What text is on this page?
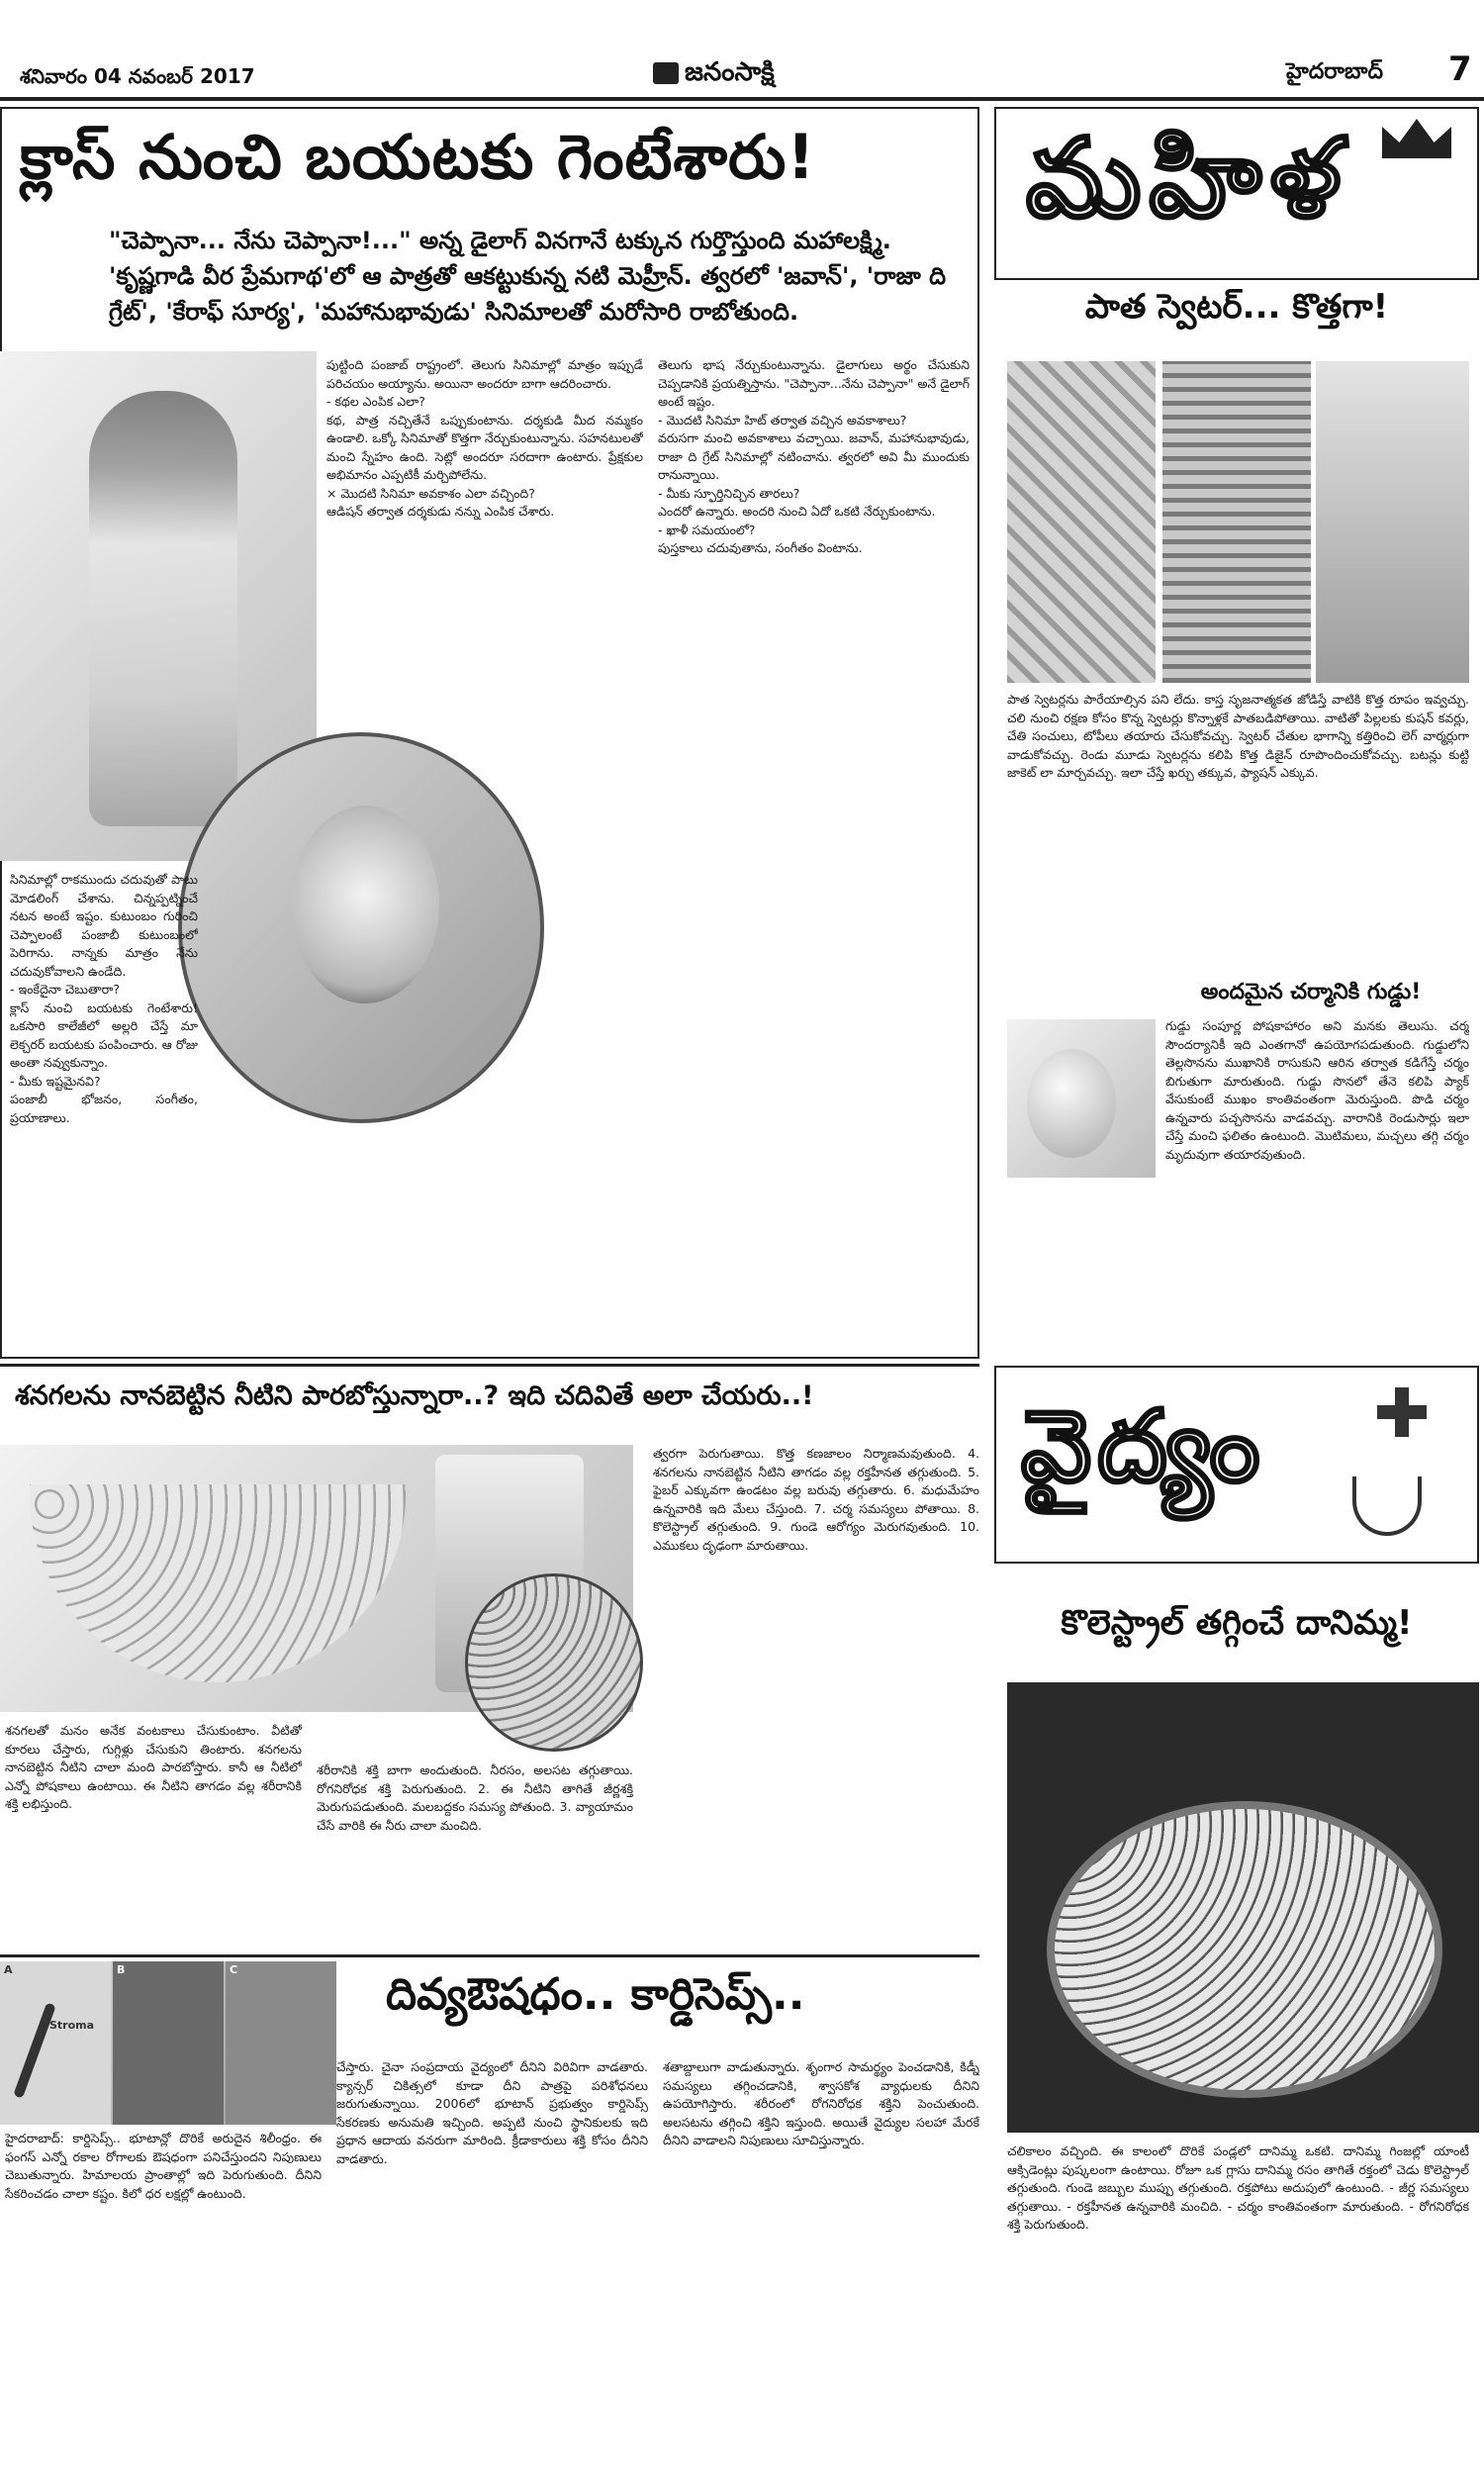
శనివారం 04 నవంబర్ 2017	జనంసాక్షి	హైదరాబాద్ 7
క్లాస్ నుంచి బయటకు గెంటేశారు!
"చెప్పానా... నేను చెప్పానా!..." అన్న డైలాగ్ వినగానే టక్కున గుర్తొస్తుంది మహాలక్ష్మి.
'కృష్ణగాడి వీర ప్రేమగాథ'లో ఆ పాత్రతో ఆకట్టుకున్న నటి మెహ్రీన్. త్వరలో 'జవాన్', 'రాజా ది
గ్రేట్', 'కేరాఫ్ సూర్య', 'మహానుభావుడు' సినిమాలతో మరోసారి రాబోతుంది.
సినిమాల్లో రాకముందు చదువుతో పాటు మోడలింగ్ చేశాను. చిన్నప్పట్నించే నటన అంటే ఇష్టం. కుటుంబం గురించి చెప్పాలంటే పంజాబీ కుటుంబంలో పెరిగాను. నాన్నకు మాత్రం నేను చదువుకోవాలని ఉండేది.
- ఇంకేదైనా చెబుతారా?
క్లాస్ నుంచి బయటకు గెంటేశారు! ఒకసారి కాలేజీలో అల్లరి చేస్తే మా లెక్చరర్ బయటకు పంపించారు. ఆ రోజు అంతా నవ్వుకున్నాం.
- మీకు ఇష్టమైనవి?
పంజాబీ భోజనం, సంగీతం, ప్రయాణాలు.
పుట్టింది పంజాబ్ రాష్ట్రంలో. తెలుగు సినిమాల్లో మాత్రం ఇప్పుడే పరిచయం అయ్యాను. అయినా అందరూ బాగా ఆదరించారు.
- కథల ఎంపిక ఎలా?
కథ, పాత్ర నచ్చితేనే ఒప్పుకుంటాను. దర్శకుడి మీద నమ్మకం ఉండాలి. ఒక్కో సినిమాతో కొత్తగా నేర్చుకుంటున్నాను. సహనటులతో మంచి స్నేహం ఉంది. సెట్లో అందరూ సరదాగా ఉంటారు. ప్రేక్షకుల అభిమానం ఎప్పటికీ మర్చిపోలేను.
× మొదటి సినిమా అవకాశం ఎలా వచ్చింది?
ఆడిషన్ తర్వాత దర్శకుడు నన్ను ఎంపిక చేశారు.
తెలుగు భాష నేర్చుకుంటున్నాను. డైలాగులు అర్థం చేసుకుని చెప్పడానికి ప్రయత్నిస్తాను. "చెప్పానా...నేను చెప్పానా" అనే డైలాగ్ అంటే ఇష్టం.
- మొదటి సినిమా హిట్ తర్వాత వచ్చిన అవకాశాలు?
వరుసగా మంచి అవకాశాలు వచ్చాయి. జవాన్, మహానుభావుడు, రాజా ది గ్రేట్ సినిమాల్లో నటించాను. త్వరలో అవి మీ ముందుకు రానున్నాయి.
- మీకు స్ఫూర్తినిచ్చిన తారలు?
ఎందరో ఉన్నారు. అందరి నుంచి ఏదో ఒకటి నేర్చుకుంటాను.
- ఖాళీ సమయంలో?
పుస్తకాలు చదువుతాను, సంగీతం వింటాను.
మహిళ
పాత స్వెటర్... కొత్తగా!
పాత స్వెటర్లను పారేయాల్సిన పని లేదు. కాస్త సృజనాత్మకత జోడిస్తే వాటికి కొత్త రూపం ఇవ్వచ్చు. చలి నుంచి రక్షణ కోసం కొన్న స్వెటర్లు కొన్నాళ్లకే పాతబడిపోతాయి. వాటితో పిల్లలకు కుషన్ కవర్లు, చేతి సంచులు, టోపీలు తయారు చేసుకోవచ్చు. స్వెటర్ చేతుల భాగాన్ని కత్తిరించి లెగ్ వార్మర్లుగా వాడుకోవచ్చు. రెండు మూడు స్వెటర్లను కలిపి కొత్త డిజైన్ రూపొందించుకోవచ్చు. బటన్లు కుట్టి జాకెట్ లా మార్చవచ్చు. ఇలా చేస్తే ఖర్చు తక్కువ, ఫ్యాషన్ ఎక్కువ.
అందమైన చర్మానికి గుడ్డు!
గుడ్డు సంపూర్ణ పోషకాహారం అని మనకు తెలుసు. చర్మ సౌందర్యానికీ ఇది ఎంతగానో ఉపయోగపడుతుంది. గుడ్డులోని తెల్లసొనను ముఖానికి రాసుకుని ఆరిన తర్వాత కడిగేస్తే చర్మం బిగుతుగా మారుతుంది. గుడ్డు సొనలో తేనె కలిపి ప్యాక్ వేసుకుంటే ముఖం కాంతివంతంగా మెరుస్తుంది. పొడి చర్మం ఉన్నవారు పచ్చసొనను వాడవచ్చు. వారానికి రెండుసార్లు ఇలా చేస్తే మంచి ఫలితం ఉంటుంది. మొటిమలు, మచ్చలు తగ్గి చర్మం మృదువుగా తయారవుతుంది.
శనగలను నానబెట్టిన నీటిని పారబోస్తున్నారా..? ఇది చదివితే అలా చేయరు..!
శనగలతో మనం అనేక వంటకాలు చేసుకుంటాం. వీటితో కూరలు చేస్తారు, గుగ్గిళ్లు చేసుకుని తింటారు. శనగలను నానబెట్టిన నీటిని చాలా మంది పారబోస్తారు. కానీ ఆ నీటిలో ఎన్నో పోషకాలు ఉంటాయి. ఈ నీటిని తాగడం వల్ల శరీరానికి శక్తి లభిస్తుంది.
శరీరానికి శక్తి బాగా అందుతుంది. నీరసం, అలసట తగ్గుతాయి. రోగనిరోధక శక్తి పెరుగుతుంది. 2. ఈ నీటిని తాగితే జీర్ణశక్తి మెరుగుపడుతుంది. మలబద్దకం సమస్య పోతుంది. 3. వ్యాయామం చేసే వారికి ఈ నీరు చాలా మంచిది.
త్వరగా పెరుగుతాయి. కొత్త కణజాలం నిర్మాణమవుతుంది. 4. శనగలను నానబెట్టిన నీటిని తాగడం వల్ల రక్తహీనత తగ్గుతుంది. 5. ఫైబర్ ఎక్కువగా ఉండటం వల్ల బరువు తగ్గుతారు. 6. మధుమేహం ఉన్నవారికి ఇది మేలు చేస్తుంది. 7. చర్మ సమస్యలు పోతాయి. 8. కొలెస్ట్రాల్ తగ్గుతుంది. 9. గుండె ఆరోగ్యం మెరుగవుతుంది. 10. ఎముకలు దృఢంగా మారుతాయి.
A
Stroma
B	C	దివ్యఔషధం.. కార్డిసెప్స్..
హైదరాబాద్: కార్డిసెప్స్.. భూటాన్లో దొరికే అరుదైన శిలీంధ్రం. ఈ ఫంగస్ ఎన్నో రకాల రోగాలకు ఔషధంగా పనిచేస్తుందని నిపుణులు చెబుతున్నారు. హిమాలయ ప్రాంతాల్లో ఇది పెరుగుతుంది. దీనిని సేకరించడం చాలా కష్టం. కిలో ధర లక్షల్లో ఉంటుంది.
చేస్తారు. చైనా సంప్రదాయ వైద్యంలో దీనిని విరివిగా వాడతారు. క్యాన్సర్ చికిత్సలో కూడా దీని పాత్రపై పరిశోధనలు జరుగుతున్నాయి. 2006లో భూటాన్ ప్రభుత్వం కార్డిసెప్స్ సేకరణకు అనుమతి ఇచ్చింది. అప్పటి నుంచి స్థానికులకు ఇది ప్రధాన ఆదాయ వనరుగా మారింది. క్రీడాకారులు శక్తి కోసం దీనిని వాడతారు.
శతాబ్దాలుగా వాడుతున్నారు. శృంగార సామర్థ్యం పెంచడానికి, కిడ్నీ సమస్యలు తగ్గించడానికి, శ్వాసకోశ వ్యాధులకు దీనిని ఉపయోగిస్తారు. శరీరంలో రోగనిరోధక శక్తిని పెంచుతుంది. అలసటను తగ్గించి శక్తిని ఇస్తుంది. అయితే వైద్యుల సలహా మేరకే దీనిని వాడాలని నిపుణులు సూచిస్తున్నారు.
వైద్యం
కొలెస్ట్రాల్ తగ్గించే దానిమ్మ!
చలికాలం వచ్చింది. ఈ కాలంలో దొరికే పండ్లలో దానిమ్మ ఒకటి. దానిమ్మ గింజల్లో యాంటీ ఆక్సిడెంట్లు పుష్కలంగా ఉంటాయి. రోజూ ఒక గ్లాసు దానిమ్మ రసం తాగితే రక్తంలో చెడు కొలెస్ట్రాల్ తగ్గుతుంది. గుండె జబ్బుల ముప్పు తగ్గుతుంది. రక్తపోటు అదుపులో ఉంటుంది. - జీర్ణ సమస్యలు తగ్గుతాయి. - రక్తహీనత ఉన్నవారికి మంచిది. - చర్మం కాంతివంతంగా మారుతుంది. - రోగనిరోధక శక్తి పెరుగుతుంది.
